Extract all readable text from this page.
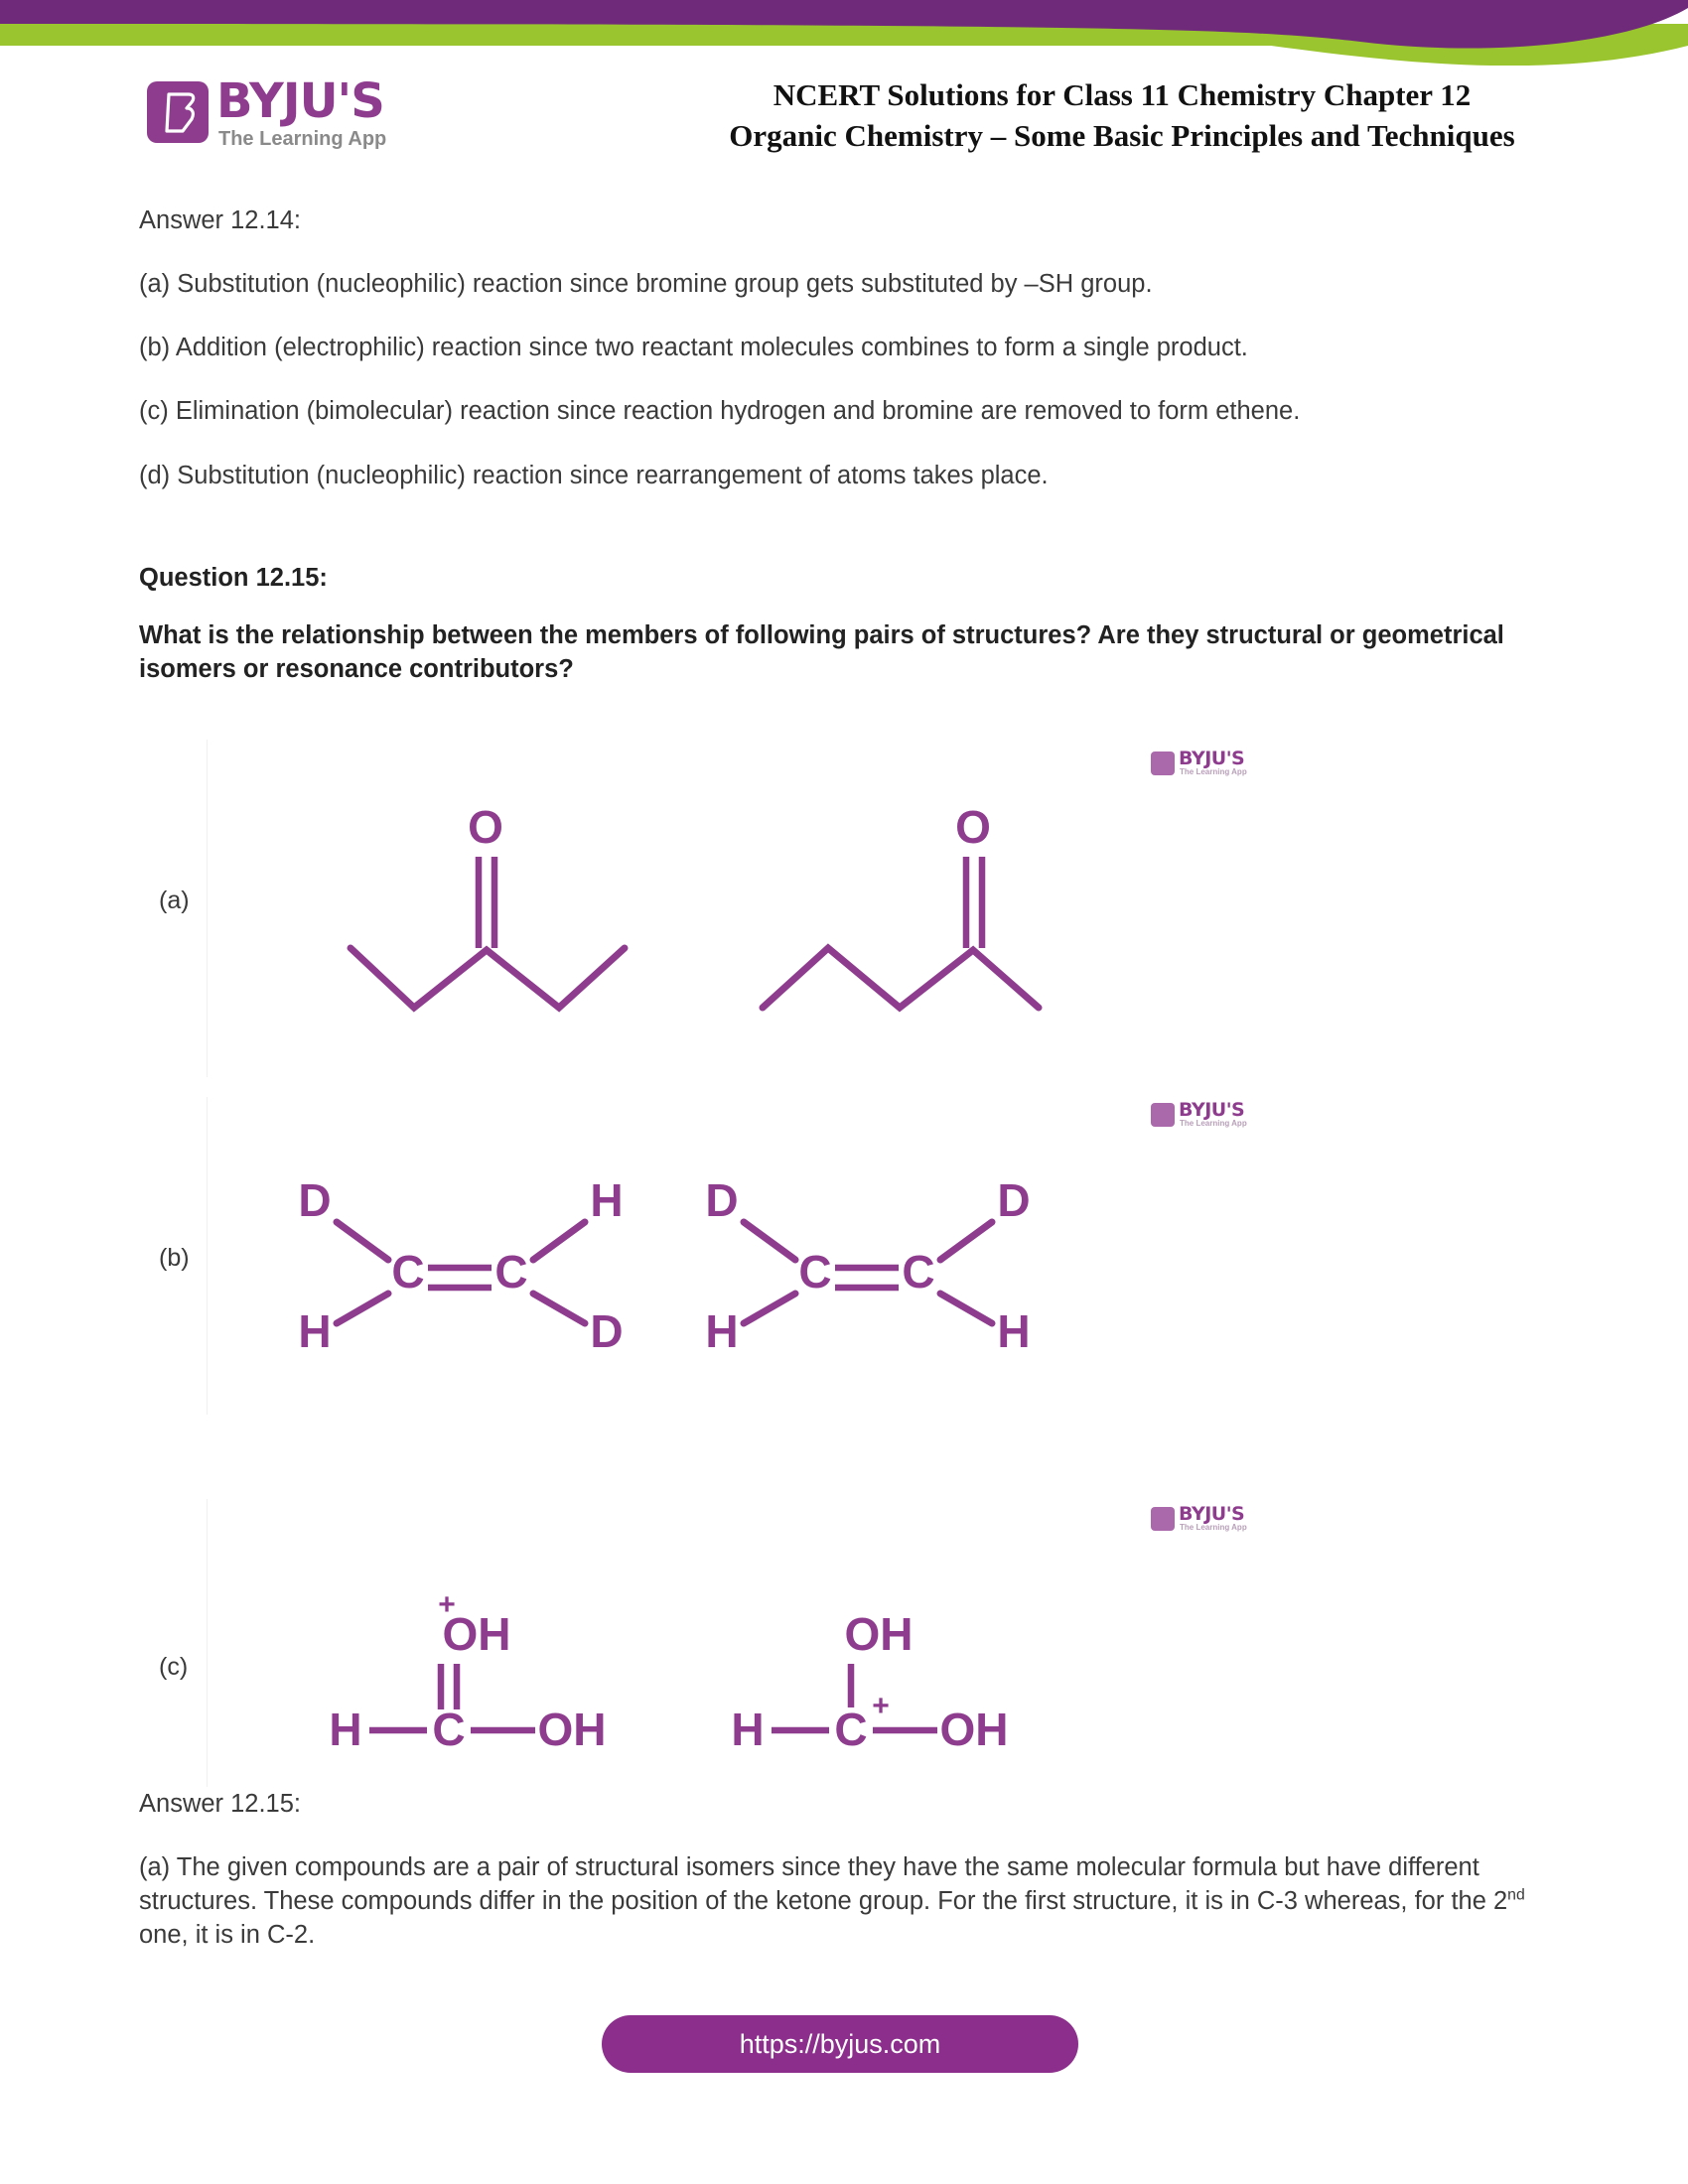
BYJU'S
The Learning App
NCERT Solutions for Class 11 Chemistry Chapter 12
Organic Chemistry – Some Basic Principles and Techniques

Answer 12.14:

(a) Substitution (nucleophilic) reaction since bromine group gets substituted by –SH group.

(b) Addition (electrophilic) reaction since two reactant molecules combines to form a single product.

(c) Elimination (bimolecular) reaction since reaction hydrogen and bromine are removed to form ethene.

(d) Substitution (nucleophilic) reaction since rearrangement of atoms takes place.

Question 12.15:

What is the relationship between the members of following pairs of structures? Are they structural or geometrical isomers or resonance contributors?

(a)
BYJU'S
The Learning App
O	O
(b)
BYJU'S
The Learning App
D
H
C C
H
D
D
H
C C
D
H
(c)
BYJU'S
The Learning App
+
OH
H C OH
OH
+
H C OH

Answer 12.15:

(a) The given compounds are a pair of structural isomers since they have the same molecular formula but have different structures. These compounds differ in the position of the ketone group. For the first structure, it is in C-3 whereas, for the 2nd one, it is in C-2.

https://byjus.com
